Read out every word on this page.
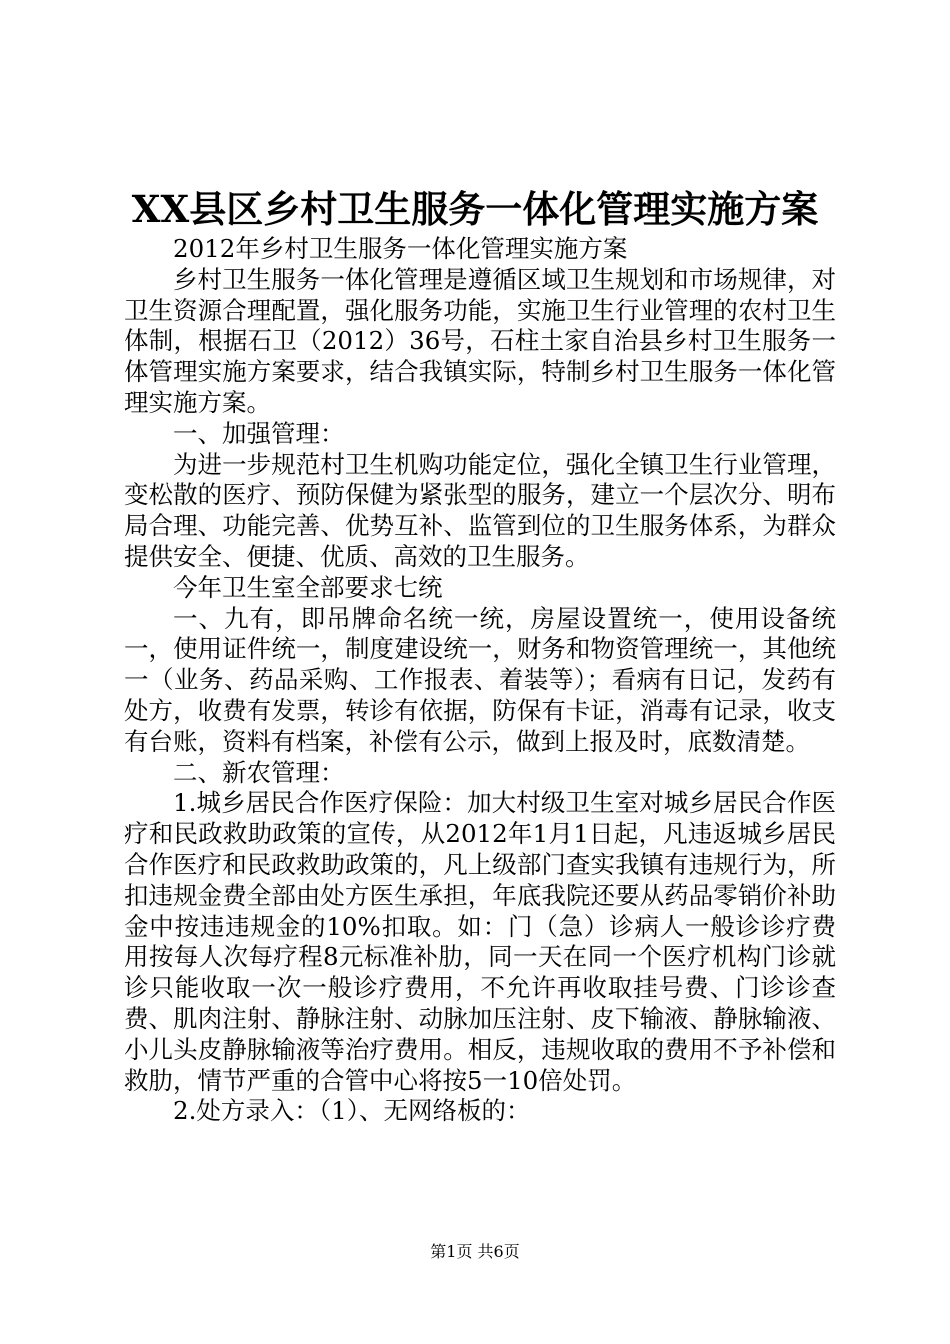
XX县区乡村卫生服务一体化管理实施方案

2012年乡村卫生服务一体化管理实施方案

乡村卫生服务一体化管理是遵循区域卫生规划和市场规律，对卫生资源合理配置，强化服务功能，实施卫生行业管理的农村卫生体制，根据石卫（2012）36号，石柱土家自治县乡村卫生服务一体管理实施方案要求，结合我镇实际，特制乡村卫生服务一体化管理实施方案。

一、加强管理：

为进一步规范村卫生机购功能定位，强化全镇卫生行业管理，变松散的医疗、预防保健为紧张型的服务，建立一个层次分、明布局合理、功能完善、优势互补、监管到位的卫生服务体系，为群众提供安全、便捷、优质、高效的卫生服务。

今年卫生室全部要求七统

一、九有，即吊牌命名统一统，房屋设置统一，使用设备统一，使用证件统一，制度建设统一，财务和物资管理统一，其他统一（业务、药品采购、工作报表、着装等）；看病有日记，发药有处方，收费有发票，转诊有依据，防保有卡证，消毒有记录，收支有台账，资料有档案，补偿有公示，做到上报及时，底数清楚。

二、新农管理：

1.城乡居民合作医疗保险：加大村级卫生室对城乡居民合作医疗和民政救助政策的宣传，从2012年1月1日起，凡违返城乡居民合作医疗和民政救助政策的，凡上级部门查实我镇有违规行为，所扣违规金费全部由处方医生承担，年底我院还要从药品零销价补助金中按违违规金的10%扣取。如：门（急）诊病人一般诊诊疗费用按每人次每疗程8元标准补肋，同一天在同一个医疗机构门诊就诊只能收取一次一般诊疗费用，不允许再收取挂号费、门诊诊查费、肌肉注射、静脉注射、动脉加压注射、皮下输液、静脉输液、小儿头皮静脉输液等治疗费用。相反，违规收取的费用不予补偿和救肋，情节严重的合管中心将按5一10倍处罚。

2.处方录入：（1）、无网络板的：

第1页 共6页
